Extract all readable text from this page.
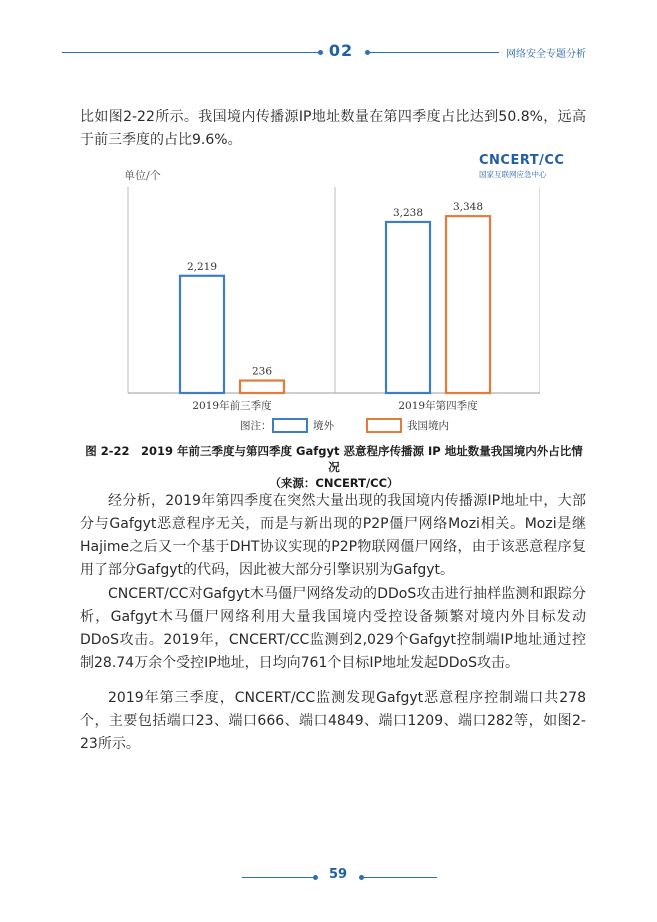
02	网络安全专题分析

比如图2-22所示。我国境内传播源IP地址数量在第四季度占比达到50.8%，远高于前三季度的占比9.6%。

CNCERT/CC
国家互联网应急中心
单位/个
2,219
236
3,238	3,348
2019年前三季度	2019年第四季度
图注：	境外	我国境内
图 2-22　2019 年前三季度与第四季度 Gafgyt 恶意程序传播源 IP 地址数量我国境内外占比情况
（来源：CNCERT/CC）

经分析，2019年第四季度在突然大量出现的我国境内传播源IP地址中，大部分与Gafgyt恶意程序无关，而是与新出现的P2P僵尸网络Mozi相关。Mozi是继Hajime之后又一个基于DHT协议实现的P2P物联网僵尸网络，由于该恶意程序复用了部分Gafgyt的代码，因此被大部分引擎识别为Gafgyt。

CNCERT/CC对Gafgyt木马僵尸网络发动的DDoS攻击进行抽样监测和跟踪分析，Gafgyt木马僵尸网络利用大量我国境内受控设备频繁对境内外目标发动DDoS攻击。2019年，CNCERT/CC监测到2,029个Gafgyt控制端IP地址通过控制28.74万余个受控IP地址，日均向761个目标IP地址发起DDoS攻击。

2019年第三季度，CNCERT/CC监测发现Gafgyt恶意程序控制端口共278个，主要包括端口23、端口666、端口4849、端口1209、端口282等，如图2-23所示。

59
